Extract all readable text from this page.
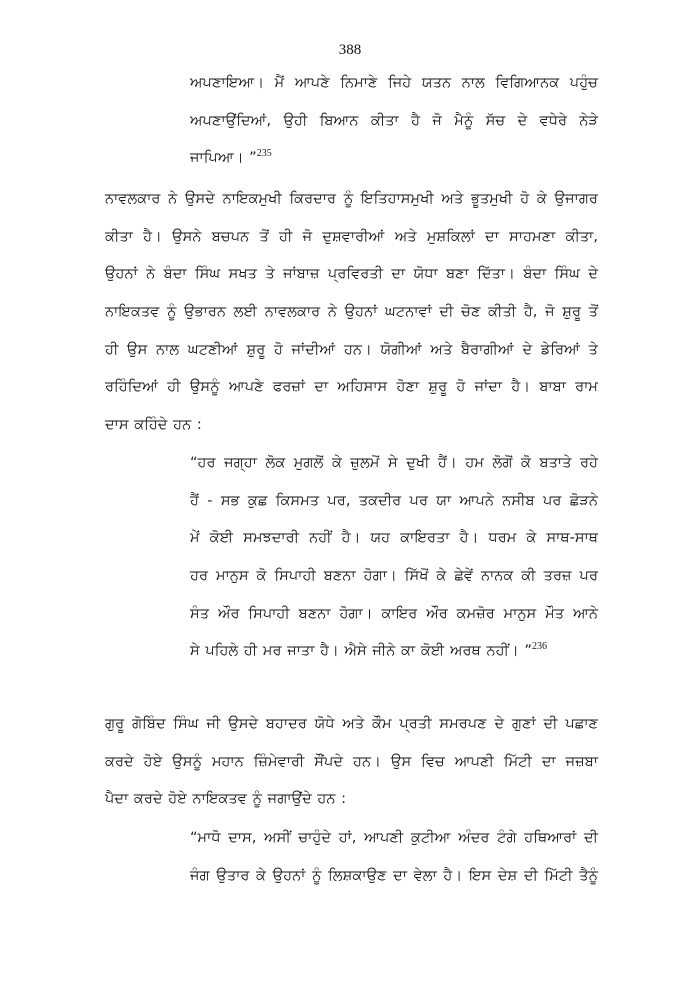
388
ਅਪਣਾਇਆ। ਮੈਂ ਆਪਣੇ ਨਿਮਾਣੇ ਜਿਹੇ ਯਤਨ ਨਾਲ ਵਿਗਿਆਨਕ ਪਹੁੰਚ
ਅਪਣਾਉਂਦਿਆਂ, ਉਹੀ ਬਿਆਨ ਕੀਤਾ ਹੈ ਜੋ ਮੈਨੂੰ ਸੱਚ ਦੇ ਵਧੇਰੇ ਨੇੜੇ
ਜਾਪਿਆ। ”$^{235}$
ਨਾਵਲਕਾਰ ਨੇ ਉਸਦੇ ਨਾਇਕਮੁਖੀ ਕਿਰਦਾਰ ਨੂੰ ਇਤਿਹਾਸਮੁਖੀ ਅਤੇ ਭੂਤਮੁਖੀ ਹੋ ਕੇ ਉਜਾਗਰ
ਕੀਤਾ ਹੈ। ਉਸਨੇ ਬਚਪਨ ਤੋਂ ਹੀ ਜੋ ਦੁਸ਼ਵਾਰੀਆਂ ਅਤੇ ਮੁਸ਼ਕਿਲਾਂ ਦਾ ਸਾਹਮਣਾ ਕੀਤਾ,
ਉਹਨਾਂ ਨੇ ਬੰਦਾ ਸਿੰਘ ਸਖਤ ਤੇ ਜਾਂਬਾਜ਼ ਪ੍ਰਵਿਰਤੀ ਦਾ ਯੋਧਾ ਬਣਾ ਦਿੱਤਾ। ਬੰਦਾ ਸਿੰਘ ਦੇ
ਨਾਇਕਤਵ ਨੂੰ ਉਭਾਰਨ ਲਈ ਨਾਵਲਕਾਰ ਨੇ ਉਹਨਾਂ ਘਟਨਾਵਾਂ ਦੀ ਚੋਣ ਕੀਤੀ ਹੈ, ਜੋ ਸ਼ੁਰੂ ਤੋਂ
ਹੀ ਉਸ ਨਾਲ ਘਟਣੀਆਂ ਸ਼ੁਰੂ ਹੋ ਜਾਂਦੀਆਂ ਹਨ। ਯੋਗੀਆਂ ਅਤੇ ਬੈਰਾਗੀਆਂ ਦੇ ਡੇਰਿਆਂ ਤੇ
ਰਹਿੰਦਿਆਂ ਹੀ ਉਸਨੂੰ ਆਪਣੇ ਫਰਜ਼ਾਂ ਦਾ ਅਹਿਸਾਸ ਹੋਣਾ ਸ਼ੁਰੂ ਹੋ ਜਾਂਦਾ ਹੈ। ਬਾਬਾ ਰਾਮ
ਦਾਸ ਕਹਿੰਦੇ ਹਨ :
“ਹਰ ਜਗ੍ਹਾ ਲੋਕ ਮੁਗਲੋਂ ਕੇ ਜ਼ੁਲਮੋਂ ਸੇ ਦੁਖੀ ਹੈਂ। ਹਮ ਲੋਗੋਂ ਕੋ ਬਤਾਤੇ ਰਹੇ
ਹੈਂ - ਸਭ ਕੁਛ ਕਿਸਮਤ ਪਰ, ਤਕਦੀਰ ਪਰ ਯਾ ਆਪਨੇ ਨਸੀਬ ਪਰ ਛੋੜਨੇ
ਮੇਂ ਕੋਈ ਸਮਝਦਾਰੀ ਨਹੀਂ ਹੈ। ਯਹ ਕਾਇਰਤਾ ਹੈ। ਧਰਮ ਕੇ ਸਾਥ-ਸਾਥ
ਹਰ ਮਾਨੁਸ ਕੋ ਸਿਪਾਹੀ ਬਣਨਾ ਹੋਗਾ। ਸਿੱਖੋਂ ਕੇ ਛੇਵੇਂ ਨਾਨਕ ਕੀ ਤਰਜ਼ ਪਰ
ਸੰਤ ਔਰ ਸਿਪਾਹੀ ਬਣਨਾ ਹੋਗਾ। ਕਾਇਰ ਔਰ ਕਮਜ਼ੋਰ ਮਾਨੁਸ ਮੌਤ ਆਨੇ
ਸੇ ਪਹਿਲੇ ਹੀ ਮਰ ਜਾਤਾ ਹੈ। ਐਸੇ ਜੀਨੇ ਕਾ ਕੋਈ ਅਰਥ ਨਹੀਂ। ”$^{236}$
ਗੁਰੂ ਗੋਬਿੰਦ ਸਿੰਘ ਜੀ ਉਸਦੇ ਬਹਾਦਰ ਯੋਧੇ ਅਤੇ ਕੌਮ ਪ੍ਰਤੀ ਸਮਰਪਣ ਦੇ ਗੁਣਾਂ ਦੀ ਪਛਾਣ
ਕਰਦੇ ਹੋਏ ਉਸਨੂੰ ਮਹਾਨ ਜ਼ਿੰਮੇਵਾਰੀ ਸੌਂਪਦੇ ਹਨ। ਉਸ ਵਿਚ ਆਪਣੀ ਮਿੱਟੀ ਦਾ ਜਜ਼ਬਾ
ਪੈਦਾ ਕਰਦੇ ਹੋਏ ਨਾਇਕਤਵ ਨੂੰ ਜਗਾਉਂਦੇ ਹਨ :
“ਮਾਧੋ ਦਾਸ, ਅਸੀਂ ਚਾਹੁੰਦੇ ਹਾਂ, ਆਪਣੀ ਕੁਟੀਆ ਅੰਦਰ ਟੰਗੇ ਹਥਿਆਰਾਂ ਦੀ
ਜੰਗ ਉਤਾਰ ਕੇ ਉਹਨਾਂ ਨੂੰ ਲਿਸ਼ਕਾਉਣ ਦਾ ਵੇਲਾ ਹੈ। ਇਸ ਦੇਸ਼ ਦੀ ਮਿੱਟੀ ਤੈਨੂੰ
